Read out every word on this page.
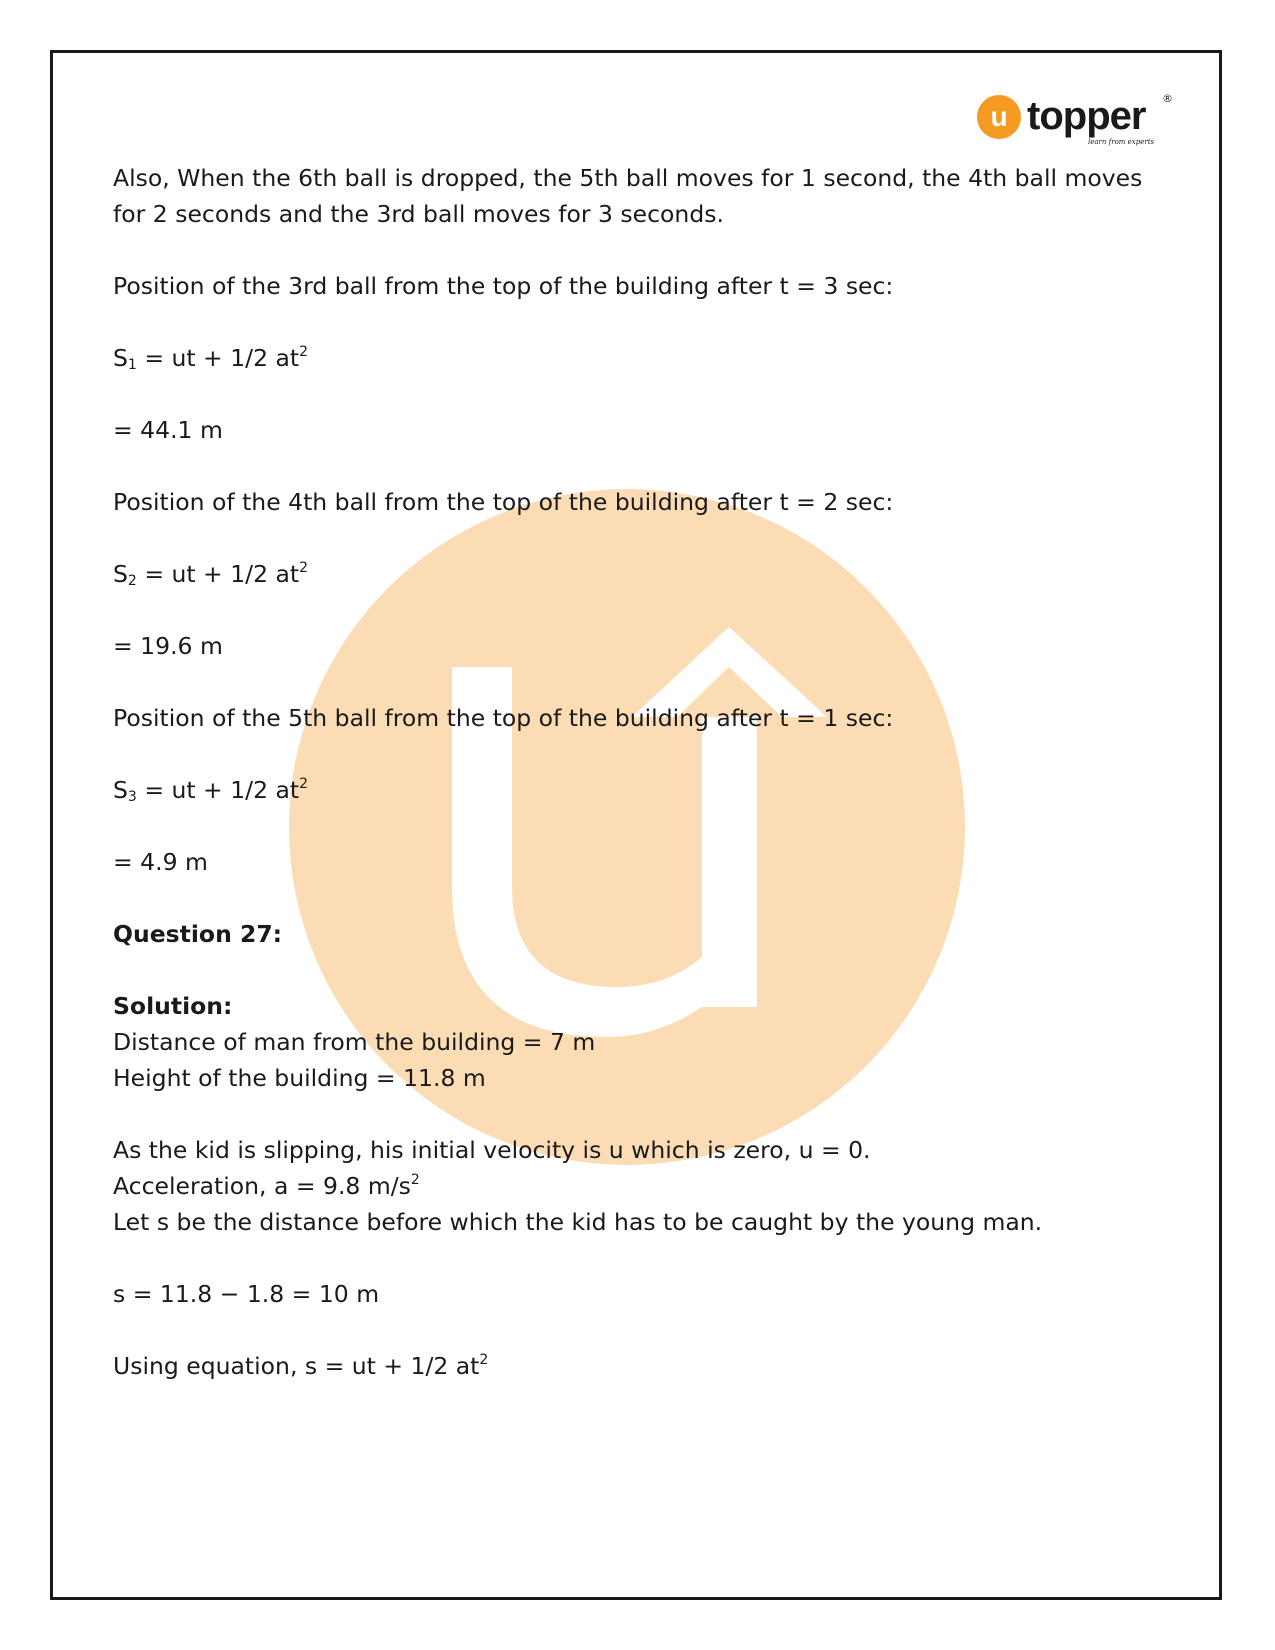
u topper ®
learn from experts
Also, When the 6th ball is dropped, the 5th ball moves for 1 second, the 4th ball moves
for 2 seconds and the 3rd ball moves for 3 seconds.
Position of the 3rd ball from the top of the building after t = 3 sec:
$S_1$ = ut + 1/2 $at^2$
= 44.1 m
Position of the 4th ball from the top of the building after t = 2 sec:
$S_2$ = ut + 1/2 $at^2$
= 19.6 m
Position of the 5th ball from the top of the building after t = 1 sec:
$S_3$ = ut + 1/2 $at^2$
= 4.9 m
Question 27:
Solution:
Distance of man from the building = 7 m
Height of the building = 11.8 m
As the kid is slipping, his initial velocity is u which is zero, u = 0.
Acceleration, a = 9.8 $m/s^2$
Let s be the distance before which the kid has to be caught by the young man.
s = 11.8 − 1.8 = 10 m
Using equation, s = ut + 1/2 $at^2$
